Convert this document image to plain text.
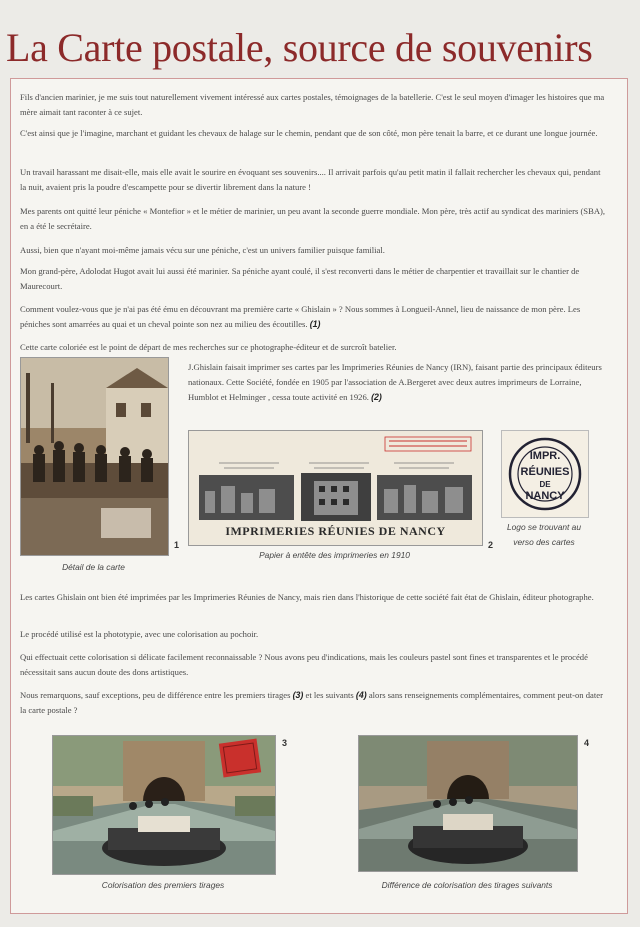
La Carte postale, source de souvenirs

Fils d'ancien marinier, je me suis tout naturellement vivement intéressé aux cartes postales, témoignages de la batellerie. C'est le seul moyen d'imager les histoires que ma mère aimait tant raconter à ce sujet.

C'est ainsi que je l'imagine, marchant et guidant les chevaux de halage sur le chemin, pendant que de son côté, mon père tenait la barre, et ce durant une longue journée.

Un travail harassant me disait-elle, mais elle avait le sourire en évoquant ses souvenirs.... Il arrivait parfois qu'au petit matin il fallait rechercher les chevaux qui, pendant la nuit, avaient pris la poudre d'escampette pour se divertir librement dans la nature !

Mes parents ont quitté leur péniche « Montefior » et le métier de marinier, un peu avant la seconde guerre mondiale. Mon père, très actif au syndicat des mariniers (SBA), en a été le secrétaire.

Aussi, bien que n'ayant moi-même jamais vécu sur une péniche, c'est un univers familier puisque familial.

Mon grand-père, Adolodat Hugot avait lui aussi été marinier. Sa péniche ayant coulé, il s'est reconverti dans le métier de charpentier et travaillait sur le chantier de Maurecourt.

Comment voulez-vous que je n'ai pas été ému en découvrant ma première carte « Ghislain » ? Nous sommes à Longueil-Annel, lieu de naissance de mon père. Les péniches sont amarrées au quai et un cheval pointe son nez au milieu des écoutilles. (1)

Cette carte coloriée est le point de départ de mes recherches sur ce photographe-éditeur et de surcroît batelier.

1

Détail de la carte

J.Ghislain faisait imprimer ses cartes par les Imprimeries Réunies de Nancy (IRN), faisant partie des principaux éditeurs nationaux. Cette Société, fondée en 1905 par l'association de A.Bergeret avec deux autres imprimeurs de Lorraine, Humblot et Helminger , cessa toute activité en 1926. (2)

IMPRIMERIES RÉUNIES DE NANCY
2

Papier à entête des imprimeries en 1910

IMPR.
RÉUNIES
DE
NANCY

Logo se trouvant au verso des cartes

Les cartes Ghislain ont bien été imprimées par les Imprimeries Réunies de Nancy, mais rien dans l'historique de cette société fait état de Ghislain, éditeur photographe.

Le procédé utilisé est la phototypie, avec une colorisation au pochoir.

Qui effectuait cette colorisation si délicate facilement reconnaissable ? Nous avons peu d'indications, mais les couleurs pastel sont fines et transparentes et le procédé nécessitait sans aucun doute des dons artistiques.

Nous remarquons, sauf exceptions, peu de différence entre les premiers tirages (3) et les suivants (4) alors sans renseignements complémentaires, comment peut-on dater la carte postale ?

3

Colorisation des premiers tirages

4

Différence de colorisation des tirages suivants
